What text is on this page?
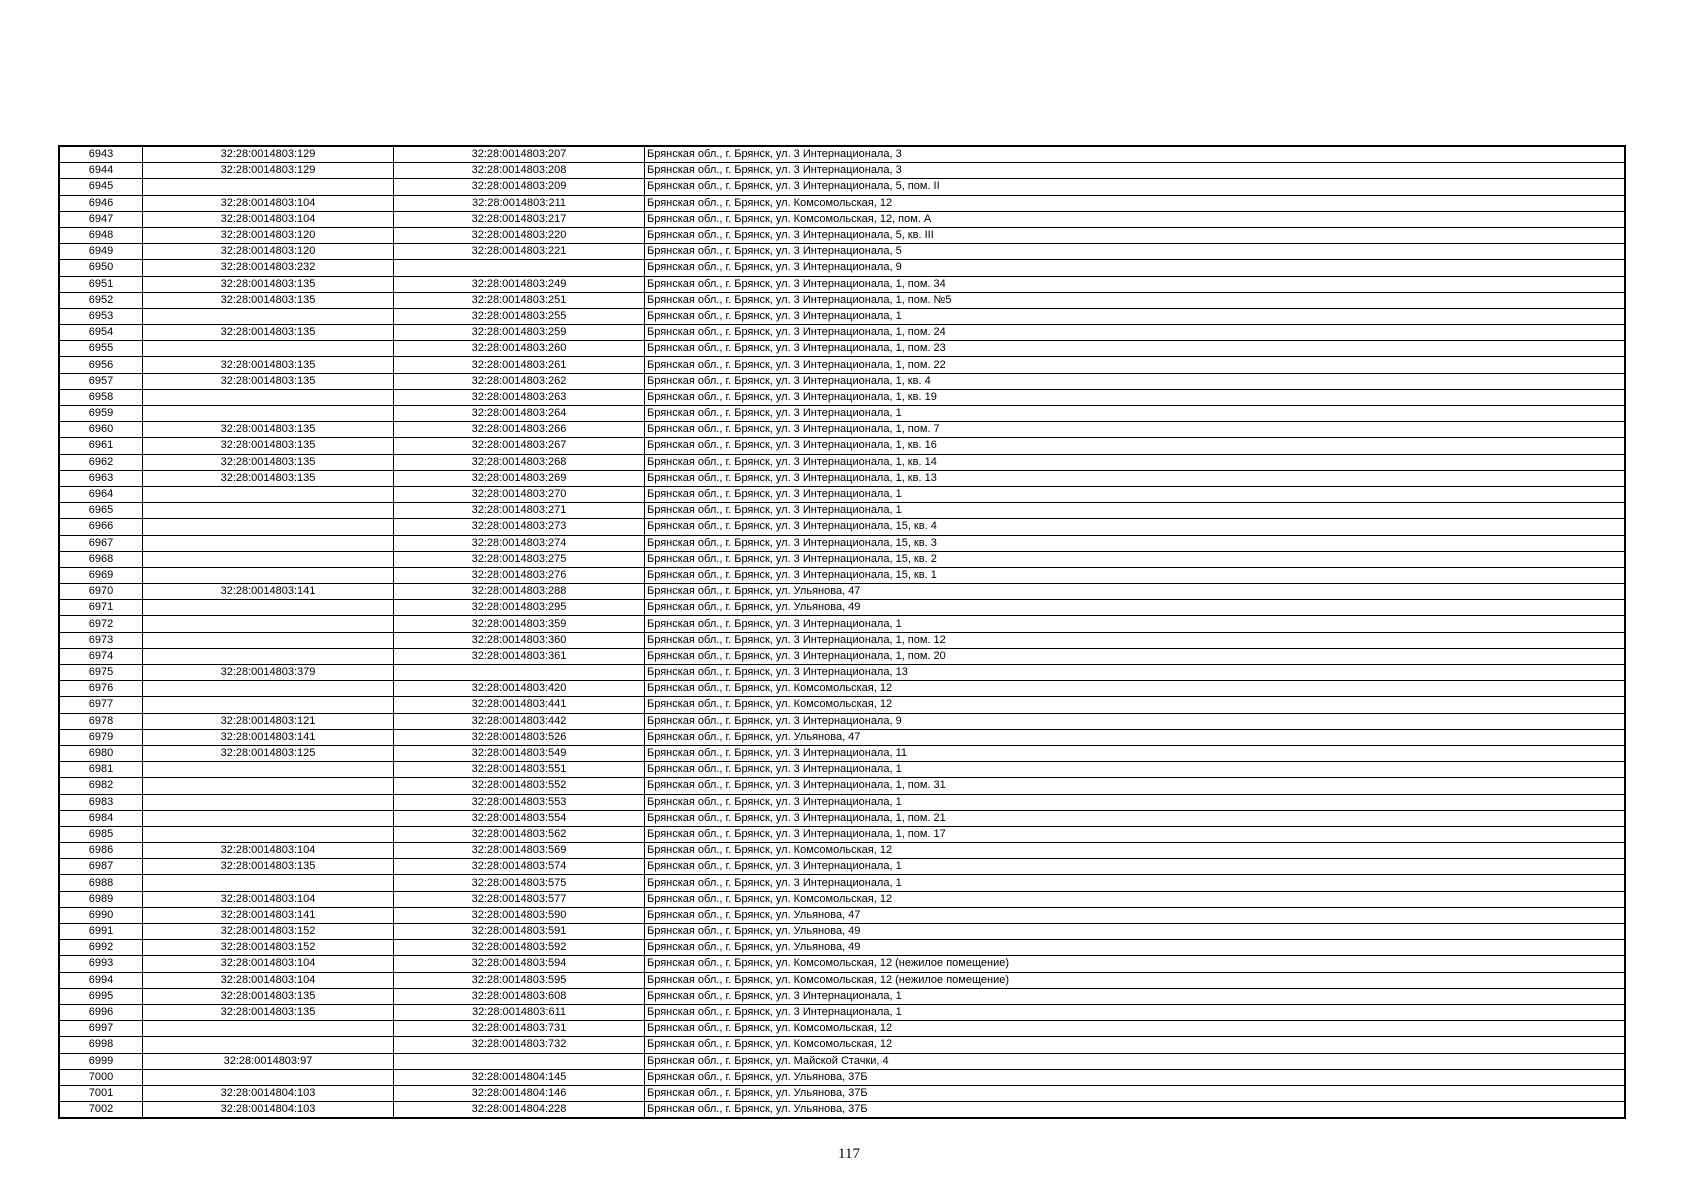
6943	32:28:0014803:129	32:28:0014803:207	Брянская обл., г. Брянск, ул. 3 Интернационала, 3
6944	32:28:0014803:129	32:28:0014803:208	Брянская обл., г. Брянск, ул. 3 Интернационала, 3
6945		32:28:0014803:209	Брянская обл., г. Брянск, ул. 3 Интернационала, 5, пом. II
6946	32:28:0014803:104	32:28:0014803:211	Брянская обл., г. Брянск, ул. Комсомольская, 12
6947	32:28:0014803:104	32:28:0014803:217	Брянская обл., г. Брянск, ул. Комсомольская, 12, пом. А
6948	32:28:0014803:120	32:28:0014803:220	Брянская обл., г. Брянск, ул. 3 Интернационала, 5, кв. III
6949	32:28:0014803:120	32:28:0014803:221	Брянская обл., г. Брянск, ул. 3 Интернационала, 5
6950	32:28:0014803:232		Брянская обл., г. Брянск, ул. 3 Интернационала, 9
6951	32:28:0014803:135	32:28:0014803:249	Брянская обл., г. Брянск, ул. 3 Интернационала, 1, пом. 34
6952	32:28:0014803:135	32:28:0014803:251	Брянская обл., г. Брянск, ул. 3 Интернационала, 1, пом. №5
6953		32:28:0014803:255	Брянская обл., г. Брянск, ул. 3 Интернационала, 1
6954	32:28:0014803:135	32:28:0014803:259	Брянская обл., г. Брянск, ул. 3 Интернационала, 1, пом. 24
6955		32:28:0014803:260	Брянская обл., г. Брянск, ул. 3 Интернационала, 1, пом. 23
6956	32:28:0014803:135	32:28:0014803:261	Брянская обл., г. Брянск, ул. 3 Интернационала, 1, пом. 22
6957	32:28:0014803:135	32:28:0014803:262	Брянская обл., г. Брянск, ул. 3 Интернационала, 1, кв. 4
6958		32:28:0014803:263	Брянская обл., г. Брянск, ул. 3 Интернационала, 1, кв. 19
6959		32:28:0014803:264	Брянская обл., г. Брянск, ул. 3 Интернационала, 1
6960	32:28:0014803:135	32:28:0014803:266	Брянская обл., г. Брянск, ул. 3 Интернационала, 1, пом. 7
6961	32:28:0014803:135	32:28:0014803:267	Брянская обл., г. Брянск, ул. 3 Интернационала, 1, кв. 16
6962	32:28:0014803:135	32:28:0014803:268	Брянская обл., г. Брянск, ул. 3 Интернационала, 1, кв. 14
6963	32:28:0014803:135	32:28:0014803:269	Брянская обл., г. Брянск, ул. 3 Интернационала, 1, кв. 13
6964		32:28:0014803:270	Брянская обл., г. Брянск, ул. 3 Интернационала, 1
6965		32:28:0014803:271	Брянская обл., г. Брянск, ул. 3 Интернационала, 1
6966		32:28:0014803:273	Брянская обл., г. Брянск, ул. 3 Интернационала, 15, кв. 4
6967		32:28:0014803:274	Брянская обл., г. Брянск, ул. 3 Интернационала, 15, кв. 3
6968		32:28:0014803:275	Брянская обл., г. Брянск, ул. 3 Интернационала, 15, кв. 2
6969		32:28:0014803:276	Брянская обл., г. Брянск, ул. 3 Интернационала, 15, кв. 1
6970	32:28:0014803:141	32:28:0014803:288	Брянская обл., г. Брянск, ул. Ульянова, 47
6971		32:28:0014803:295	Брянская обл., г. Брянск, ул. Ульянова, 49
6972		32:28:0014803:359	Брянская обл., г. Брянск, ул. 3 Интернационала, 1
6973		32:28:0014803:360	Брянская обл., г. Брянск, ул. 3 Интернационала, 1, пом. 12
6974		32:28:0014803:361	Брянская обл., г. Брянск, ул. 3 Интернационала, 1, пом. 20
6975	32:28:0014803:379		Брянская обл., г. Брянск, ул. 3 Интернационала, 13
6976		32:28:0014803:420	Брянская обл., г. Брянск, ул. Комсомольская, 12
6977		32:28:0014803:441	Брянская обл., г. Брянск, ул. Комсомольская, 12
6978	32:28:0014803:121	32:28:0014803:442	Брянская обл., г. Брянск, ул. 3 Интернационала, 9
6979	32:28:0014803:141	32:28:0014803:526	Брянская обл., г. Брянск, ул. Ульянова, 47
6980	32:28:0014803:125	32:28:0014803:549	Брянская обл., г. Брянск, ул. 3 Интернационала, 11
6981		32:28:0014803:551	Брянская обл., г. Брянск, ул. 3 Интернационала, 1
6982		32:28:0014803:552	Брянская обл., г. Брянск, ул. 3 Интернационала, 1, пом. 31
6983		32:28:0014803:553	Брянская обл., г. Брянск, ул. 3 Интернационала, 1
6984		32:28:0014803:554	Брянская обл., г. Брянск, ул. 3 Интернационала, 1, пом. 21
6985		32:28:0014803:562	Брянская обл., г. Брянск, ул. 3 Интернационала, 1, пом. 17
6986	32:28:0014803:104	32:28:0014803:569	Брянская обл., г. Брянск, ул. Комсомольская, 12
6987	32:28:0014803:135	32:28:0014803:574	Брянская обл., г. Брянск, ул. 3 Интернационала, 1
6988		32:28:0014803:575	Брянская обл., г. Брянск, ул. 3 Интернационала, 1
6989	32:28:0014803:104	32:28:0014803:577	Брянская обл., г. Брянск, ул. Комсомольская, 12
6990	32:28:0014803:141	32:28:0014803:590	Брянская обл., г. Брянск, ул. Ульянова, 47
6991	32:28:0014803:152	32:28:0014803:591	Брянская обл., г. Брянск, ул. Ульянова, 49
6992	32:28:0014803:152	32:28:0014803:592	Брянская обл., г. Брянск, ул. Ульянова, 49
6993	32:28:0014803:104	32:28:0014803:594	Брянская обл., г. Брянск, ул. Комсомольская, 12 (нежилое помещение)
6994	32:28:0014803:104	32:28:0014803:595	Брянская обл., г. Брянск, ул. Комсомольская, 12 (нежилое помещение)
6995	32:28:0014803:135	32:28:0014803:608	Брянская обл., г. Брянск, ул. 3 Интернационала, 1
6996	32:28:0014803:135	32:28:0014803:611	Брянская обл., г. Брянск, ул. 3 Интернационала, 1
6997		32:28:0014803:731	Брянская обл., г. Брянск, ул. Комсомольская, 12
6998		32:28:0014803:732	Брянская обл., г. Брянск, ул. Комсомольская, 12
6999	32:28:0014803:97		Брянская обл., г. Брянск, ул. Майской Стачки, 4
7000		32:28:0014804:145	Брянская обл., г. Брянск, ул. Ульянова, 37Б
7001	32:28:0014804:103	32:28:0014804:146	Брянская обл., г. Брянск, ул. Ульянова, 37Б
7002	32:28:0014804:103	32:28:0014804:228	Брянская обл., г. Брянск, ул. Ульянова, 37Б
117
